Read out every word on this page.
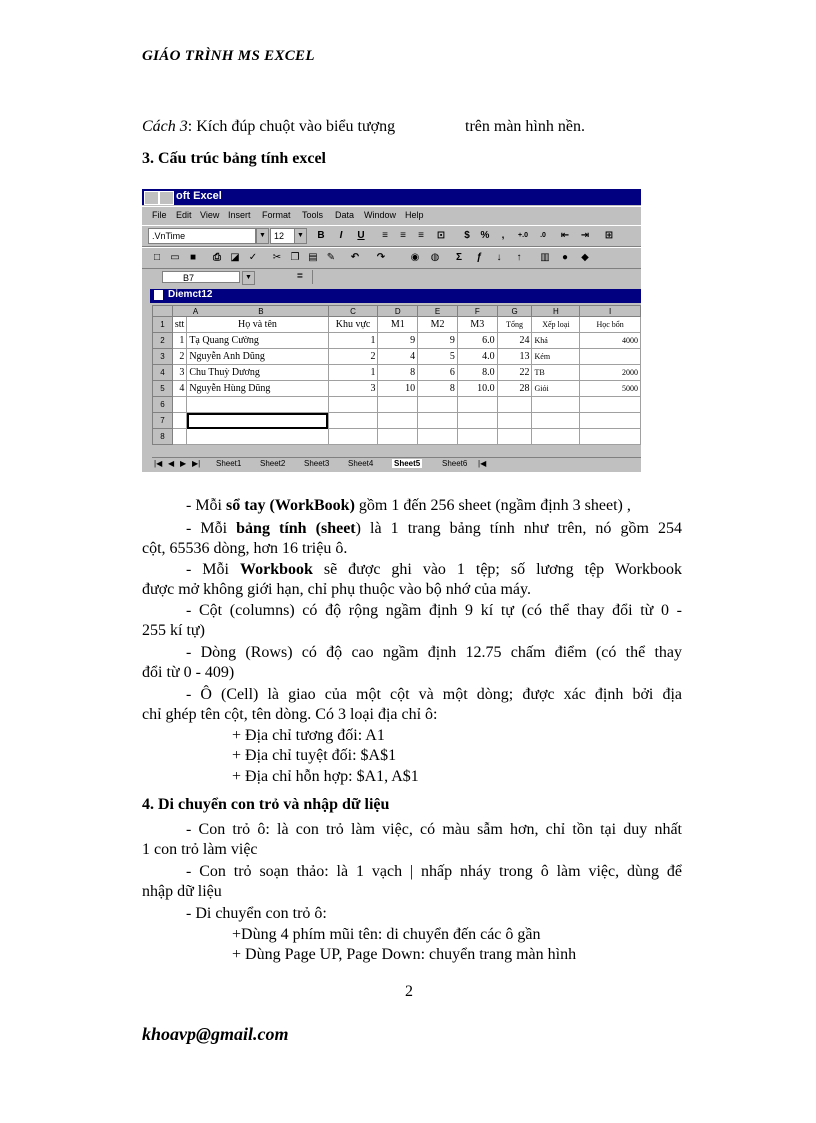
GIÁO TRÌNH MS EXCEL
Cách 3: Kích đúp chuột vào biểu tượng	trên màn hình nền.
3. Cấu trúc bảng tính excel
oft Excel
File Edit View Insert Format Tools Data Window Help
.VnTime	▼ 12	▼	B	I	U	≡	≡	≡	⊡	$	%	,	+.0	.0	⇤ ⇥ ⊞
□	▭	■	⎙ ◪ ✓ ✂ ❐ ▤ ✎ ↶ ↷	◉ ◍	Σ	ƒ	↓	↑	▥	●	◆
B7	▼	=
Diemct12
	A B		C	D	E	F	G	H	I
1	stt	Họ và tên	Khu vực	M1	M2	M3	Tổng	Xếp loại	Học bổn
2	1	Tạ Quang Cường	1	9	9	6.0	24	Khá	4000
3	2	Nguyễn Anh Dũng	2	4	5	4.0	13	Kém	
4	3	Chu Thuỳ Dương	1	8	6	8.0	22	TB	2000
5	4	Nguyễn Hùng Dũng	3	10	8	10.0	28	Giỏi	5000
6									
7									
8									
|◀ ◀ ▶ ▶| Sheet1 Sheet2 Sheet3 Sheet4	Sheet5	Sheet6 |◀
- Mỗi sổ tay (WorkBook) gồm 1 đến 256 sheet (ngầm định 3 sheet) ,
- Mỗi bảng tính (sheet) là 1 trang bảng tính như trên, nó gồm 254
cột, 65536 dòng, hơn 16 triệu ô.
- Mỗi Workbook sẽ được ghi vào 1 tệp; số lương tệp Workbook
được mở không giới hạn, chỉ phụ thuộc vào bộ nhớ của máy.
- Cột (columns) có độ rộng ngầm định 9 kí tự (có thể thay đổi từ 0 -
255 kí tự)
- Dòng (Rows) có độ cao ngầm định 12.75 chấm điểm (có thể thay
đổi từ 0 - 409)
- Ô (Cell) là giao của một cột và một dòng; được xác định bởi địa
chỉ ghép tên cột, tên dòng. Có 3 loại địa chỉ ô:
+ Địa chỉ tương đối: A1
+ Địa chỉ tuyệt đối: $A$1
+ Địa chỉ hỗn hợp: $A1, A$1
4. Di chuyển con trỏ và nhập dữ liệu
- Con trỏ ô: là con trỏ làm việc, có màu sẫm hơn, chỉ tồn tại duy nhất
1 con trỏ làm việc
- Con trỏ soạn thảo: là 1 vạch | nhấp nháy trong ô làm việc, dùng để
nhập dữ liệu
- Di chuyển con trỏ ô:
+Dùng 4 phím mũi tên: di chuyển đến các ô gần
+ Dùng Page UP, Page Down: chuyển trang màn hình
2
khoavp@gmail.com
